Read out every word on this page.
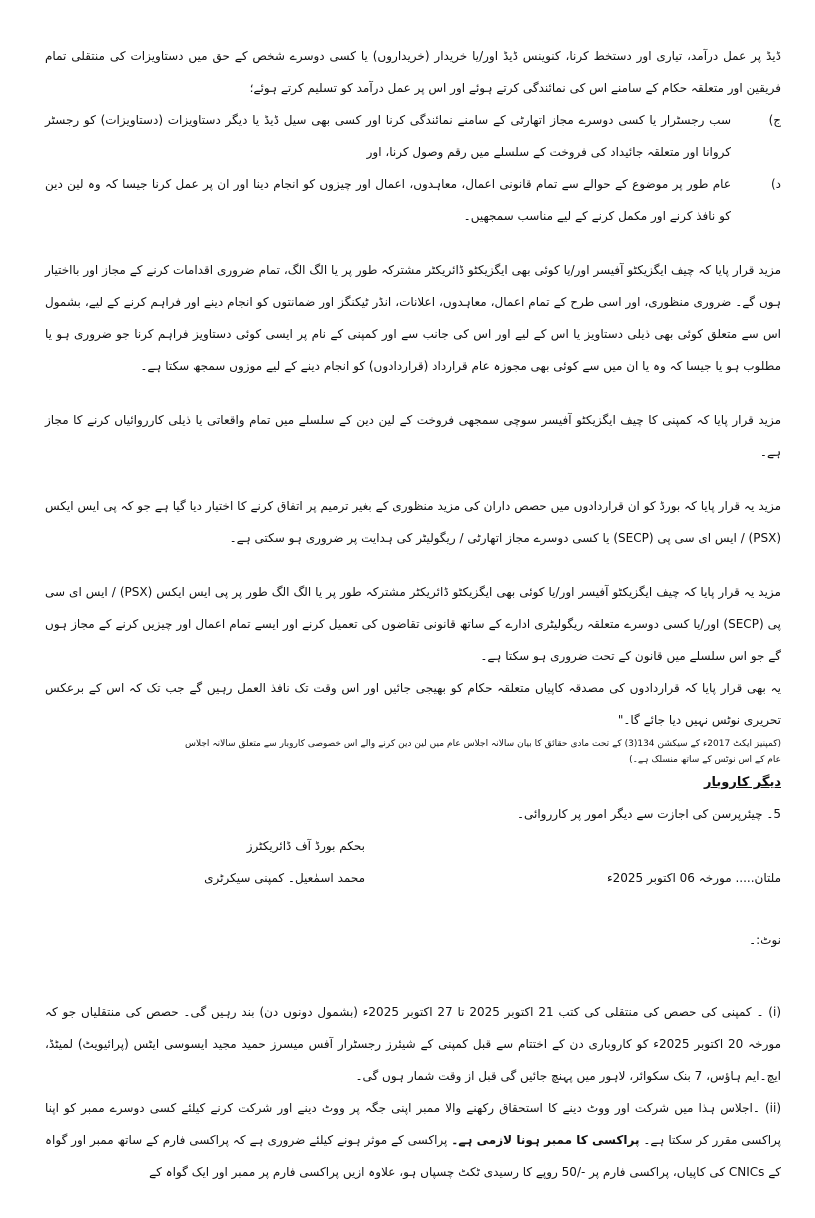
ڈیڈ پر عمل درآمد، تیاری اور دستخط کرنا، کنوینس ڈیڈ اور/یا خریدار (خریداروں) یا کسی دوسرے شخص کے حق میں دستاویزات کی منتقلی تمام فریقین اور متعلقہ حکام کے سامنے اس کی نمائندگی کرتے ہوئے اور اس پر عمل درآمد کو تسلیم کرتے ہوئے؛

ج)

سب رجسٹرار یا کسی دوسرے مجاز اتھارٹی کے سامنے نمائندگی کرنا اور کسی بھی سیل ڈیڈ یا دیگر دستاویزات (دستاویزات) کو رجسٹر کروانا اور متعلقہ جائیداد کی فروخت کے سلسلے میں رقم وصول کرنا، اور

د)

عام طور پر موضوع کے حوالے سے تمام قانونی اعمال، معاہدوں، اعمال اور چیزوں کو انجام دینا اور ان پر عمل کرنا جیسا کہ وہ لین دین کو نافذ کرنے اور مکمل کرنے کے لیے مناسب سمجھیں۔

مزید قرار پایا کہ چیف ایگزیکٹو آفیسر اور/یا کوئی بھی ایگزیکٹو ڈائریکٹر مشترکہ طور پر یا الگ الگ، تمام ضروری اقدامات کرنے کے مجاز اور بااختیار ہوں گے۔ ضروری منظوری، اور اسی طرح کے تمام اعمال، معاہدوں، اعلانات، انڈر ٹیکنگز اور ضمانتوں کو انجام دینے اور فراہم کرنے کے لیے، بشمول اس سے متعلق کوئی بھی ذیلی دستاویز یا اس کے لیے اور اس کی جانب سے اور کمپنی کے نام پر ایسی کوئی دستاویز فراہم کرنا جو ضروری ہو یا مطلوب ہو یا جیسا کہ وہ یا ان میں سے کوئی بھی مجوزہ عام قرارداد (قراردادوں) کو انجام دینے کے لیے موزوں سمجھ سکتا ہے۔

مزید قرار پایا کہ کمپنی کا چیف ایگزیکٹو آفیسر سوچی سمجھی فروخت کے لین دین کے سلسلے میں تمام واقعاتی یا ذیلی کارروائیاں کرنے کا مجاز ہے۔

مزید یہ قرار پایا کہ بورڈ کو ان قراردادوں میں حصص داران کی مزید منظوری کے بغیر ترمیم پر اتفاق کرنے کا اختیار دیا گیا ہے جو کہ پی ایس ایکس (PSX) / ایس ای سی پی (SECP) یا کسی دوسرے مجاز اتھارٹی / ریگولیٹر کی ہدایت پر ضروری ہو سکتی ہے۔

مزید یہ قرار پایا کہ چیف ایگزیکٹو آفیسر اور/یا کوئی بھی ایگزیکٹو ڈائریکٹر مشترکہ طور پر یا الگ الگ طور پر پی ایس ایکس (PSX) / ایس ای سی پی (SECP) اور/یا کسی دوسرے متعلقہ ریگولیٹری ادارے کے ساتھ قانونی تقاضوں کی تعمیل کرنے اور ایسے تمام اعمال اور چیزیں کرنے کے مجاز ہوں گے جو اس سلسلے میں قانون کے تحت ضروری ہو سکتا ہے۔

یہ بھی قرار پایا کہ قراردادوں کی مصدقہ کاپیاں متعلقہ حکام کو بھیجی جائیں اور اس وقت تک نافذ العمل رہیں گے جب تک کہ اس کے برعکس تحریری نوٹس نہیں دیا جائے گا۔"

(کمپنیز ایکٹ 2017ء کے سیکشن 134(3) کے تحت مادی حقائق کا بیان سالانہ اجلاس عام میں لین دین کرنے والے اس خصوصی کاروبار سے متعلق سالانہ اجلاس عام کے اس نوٹس کے ساتھ منسلک ہے۔)

دیگر کاروبار

5۔ چیئرپرسن کی اجازت سے دیگر امور پر کارروائی۔

بحکم بورڈ آف ڈائریکٹرز
ملتان..... مورخہ 06 اکتوبر 2025ء
محمد اسمٰعیل۔ کمپنی سیکرٹری

نوٹ:۔

(i) ۔ کمپنی کی حصص کی منتقلی کی کتب 21 اکتوبر 2025 تا 27 اکتوبر 2025ء (بشمول دونوں دن) بند رہیں گی۔ حصص کی منتقلیاں جو کہ مورخہ 20 اکتوبر 2025ء کو کاروباری دن کے اختتام سے قبل کمپنی کے شیئرز رجسٹرار آفس میسرز حمید مجید ایسوسی ایٹس (پرائیویٹ) لمیٹڈ، ایچ۔ایم ہاؤس، 7 بنک سکوائر، لاہور میں پہنچ جائیں گی قبل از وقت شمار ہوں گی۔

(ii) ۔اجلاس ہذا میں شرکت اور ووٹ دینے کا استحقاق رکھنے والا ممبر اپنی جگہ پر ووٹ دینے اور شرکت کرنے کیلئے کسی دوسرے ممبر کو اپنا پراکسی مقرر کر سکتا ہے۔ پراکسی کا ممبر ہونا لازمی ہے۔ پراکسی کے موثر ہونے کیلئے ضروری ہے کہ پراکسی فارم کے ساتھ ممبر اور گواہ کے CNICs کی کاپیاں، پراکسی فارم پر -/50 روپے کا رسیدی ٹکٹ چسپاں ہو، علاوہ ازیں پراکسی فارم پر ممبر اور ایک گواہ کے
